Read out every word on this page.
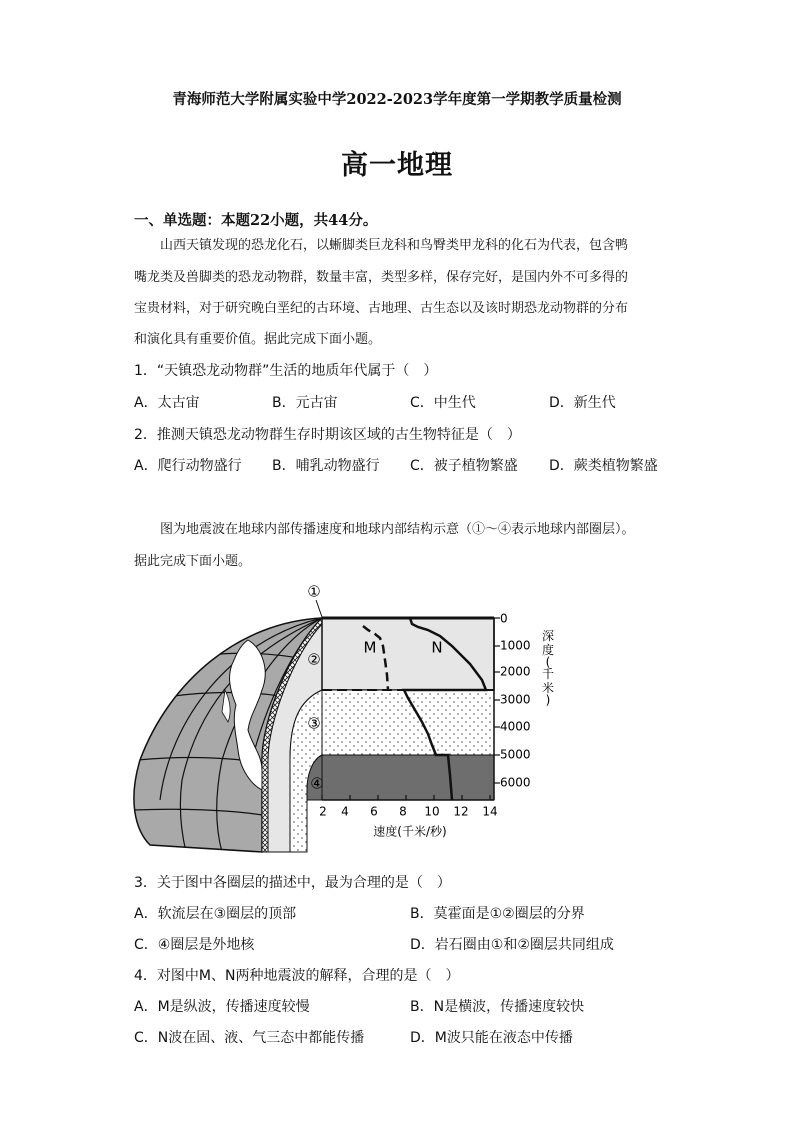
青海师范大学附属实验中学2022-2023学年度第一学期教学质量检测
高一地理
一、单选题：本题22小题，共44分。
山西天镇发现的恐龙化石，以蜥脚类巨龙科和鸟臀类甲龙科的化石为代表，包含鸭
嘴龙类及兽脚类的恐龙动物群，数量丰富，类型多样，保存完好，是国内外不可多得的
宝贵材料，对于研究晚白垩纪的古环境、古地理、古生态以及该时期恐龙动物群的分布
和演化具有重要价值。据此完成下面小题。
1．“天镇恐龙动物群”生活的地质年代属于（　）
A．太古宙	B．元古宙	C．中生代	D．新生代
2．推测天镇恐龙动物群生存时期该区域的古生物特征是（　）
A．爬行动物盛行 B．哺乳动物盛行 C．被子植物繁盛 D．蕨类植物繁盛
图为地震波在地球内部传播速度和地球内部结构示意（①～④表示地球内部圈层）。
据此完成下面小题。
0
1000
2000
3000
4000
5000
6000
深
度
(
千
米
)
2 4 6 8 10 12 14
速度(千米/秒)
M	N
①
②
③
④
3．关于图中各圈层的描述中，最为合理的是（　）
A．软流层在③圈层的顶部	B．莫霍面是①②圈层的分界
C．④圈层是外地核	D．岩石圈由①和②圈层共同组成
4．对图中M、N两种地震波的解释，合理的是（　）
A．M是纵波，传播速度较慢	B．N是横波，传播速度较快
C．N波在固、液、气三态中都能传播	D．M波只能在液态中传播
